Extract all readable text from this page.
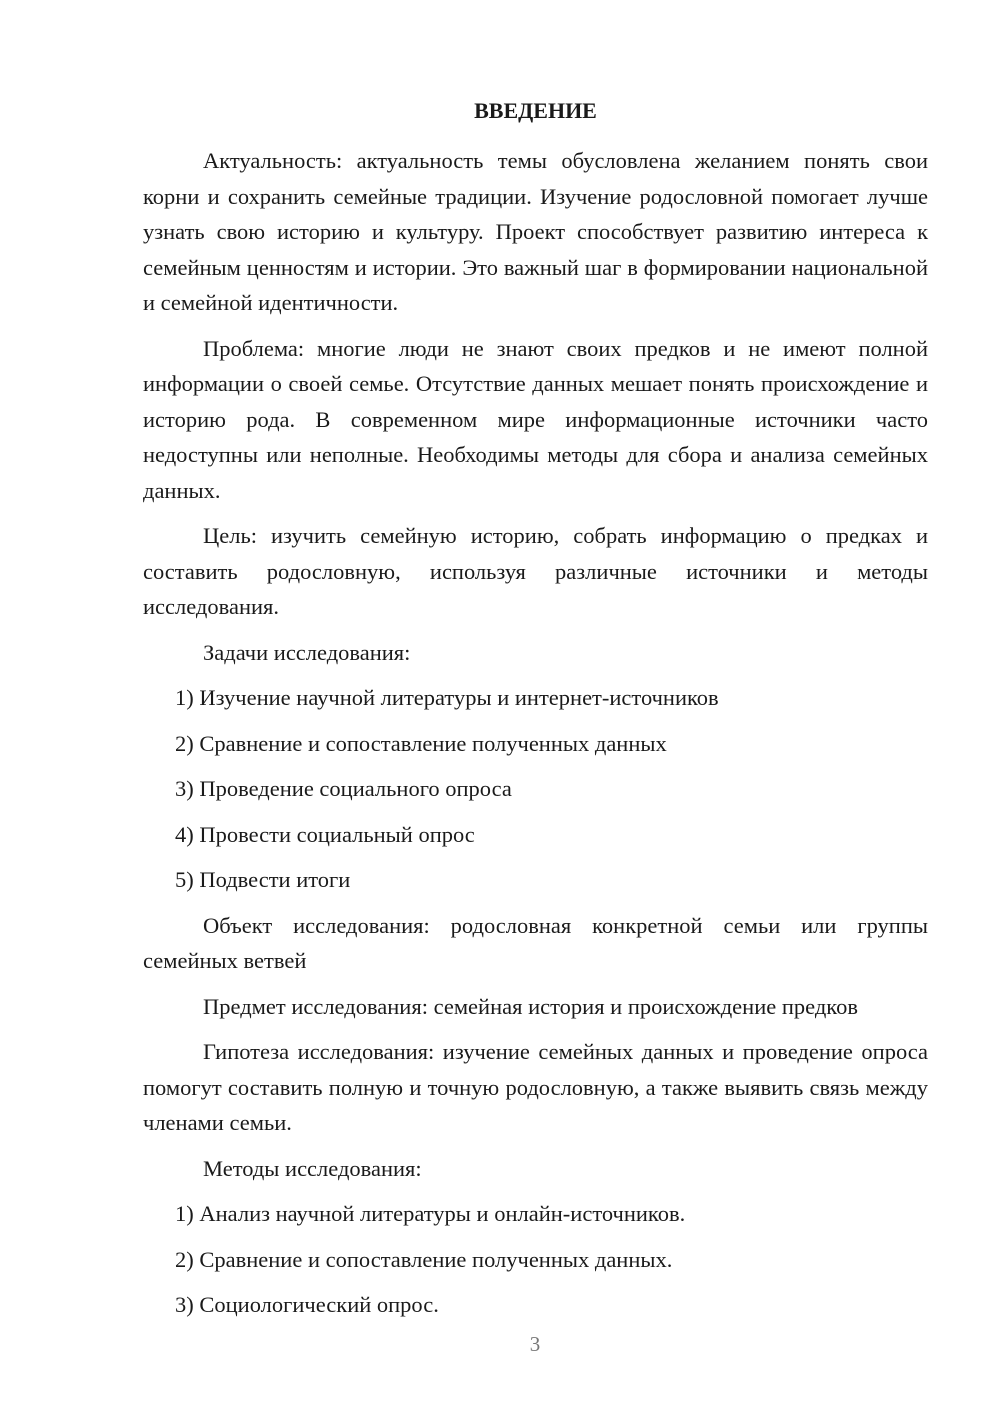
ВВЕДЕНИЕ

Актуальность: актуальность темы обусловлена желанием понять свои корни и сохранить семейные традиции. Изучение родословной помогает лучше узнать свою историю и культуру. Проект способствует развитию интереса к семейным ценностям и истории. Это важный шаг в формировании национальной и семейной идентичности.

Проблема: многие люди не знают своих предков и не имеют полной информации о своей семье. Отсутствие данных мешает понять происхождение и историю рода. В современном мире информационные источники часто недоступны или неполные. Необходимы методы для сбора и анализа семейных данных.

Цель: изучить семейную историю, собрать информацию о предках и составить родословную, используя различные источники и методы исследования.

Задачи исследования:

1) Изучение научной литературы и интернет-источников
2) Сравнение и сопоставление полученных данных
3) Проведение социального опроса
4) Провести социальный опрос
5) Подвести итоги

Объект исследования: родословная конкретной семьи или группы семейных ветвей

Предмет исследования: семейная история и происхождение предков

Гипотеза исследования: изучение семейных данных и проведение опроса помогут составить полную и точную родословную, а также выявить связь между членами семьи.

Методы исследования:

1) Анализ научной литературы и онлайн-источников.
2) Сравнение и сопоставление полученных данных.
3) Социологический опрос.
3
